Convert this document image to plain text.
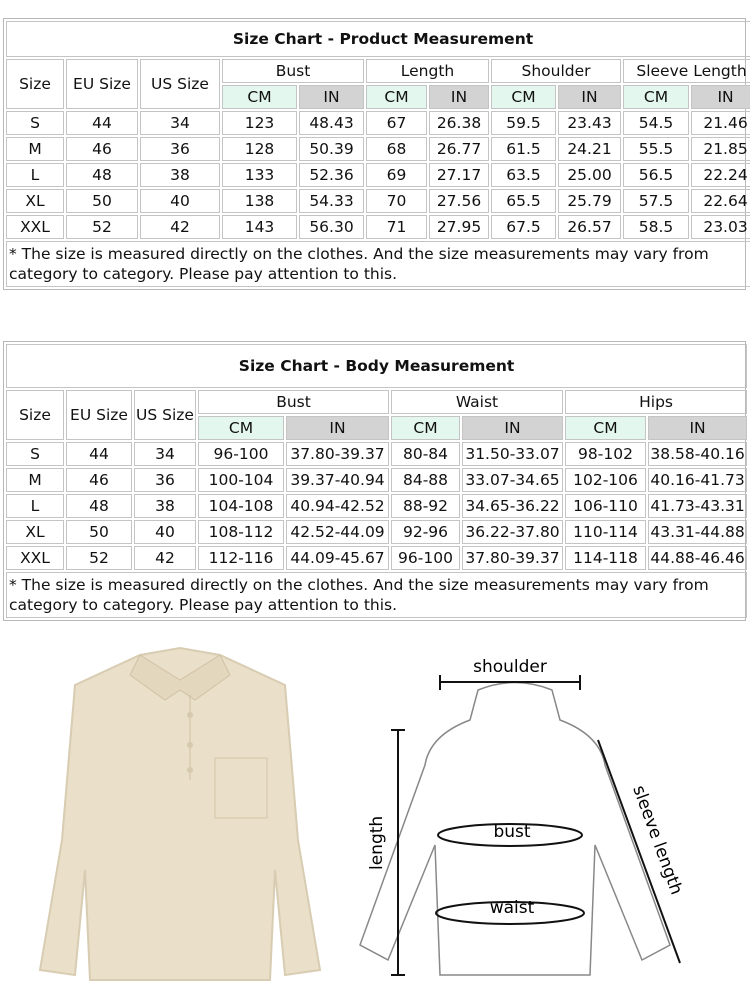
Size Chart - Product Measurement										
Size	EU Size	US Size	Bust		Length		Shoulder		Sleeve Length	
			CM	IN	CM	IN	CM	IN	CM	IN
S	44	34	123	48.43	67	26.38	59.5	23.43	54.5	21.46
M	46	36	128	50.39	68	26.77	61.5	24.21	55.5	21.85
L	48	38	133	52.36	69	27.17	63.5	25.00	56.5	22.24
XL	50	40	138	54.33	70	27.56	65.5	25.79	57.5	22.64
XXL	52	42	143	56.30	71	27.95	67.5	26.57	58.5	23.03
* The size is measured directly on the clothes. And the size measurements may vary from category to category. Please pay attention to this.										
Size Chart - Body Measurement								
Size	EU Size	US Size	Bust		Waist		Hips	
			CM	IN	CM	IN	CM	IN
S	44	34	96-100	37.80-39.37	80-84	31.50-33.07	98-102	38.58-40.16
M	46	36	100-104	39.37-40.94	84-88	33.07-34.65	102-106	40.16-41.73
L	48	38	104-108	40.94-42.52	88-92	34.65-36.22	106-110	41.73-43.31
XL	50	40	108-112	42.52-44.09	92-96	36.22-37.80	110-114	43.31-44.88
XXL	52	42	112-116	44.09-45.67	96-100	37.80-39.37	114-118	44.88-46.46
* The size is measured directly on the clothes. And the size measurements may vary from category to category. Please pay attention to this.								
shoulder
bust
waist
length	sleeve length
